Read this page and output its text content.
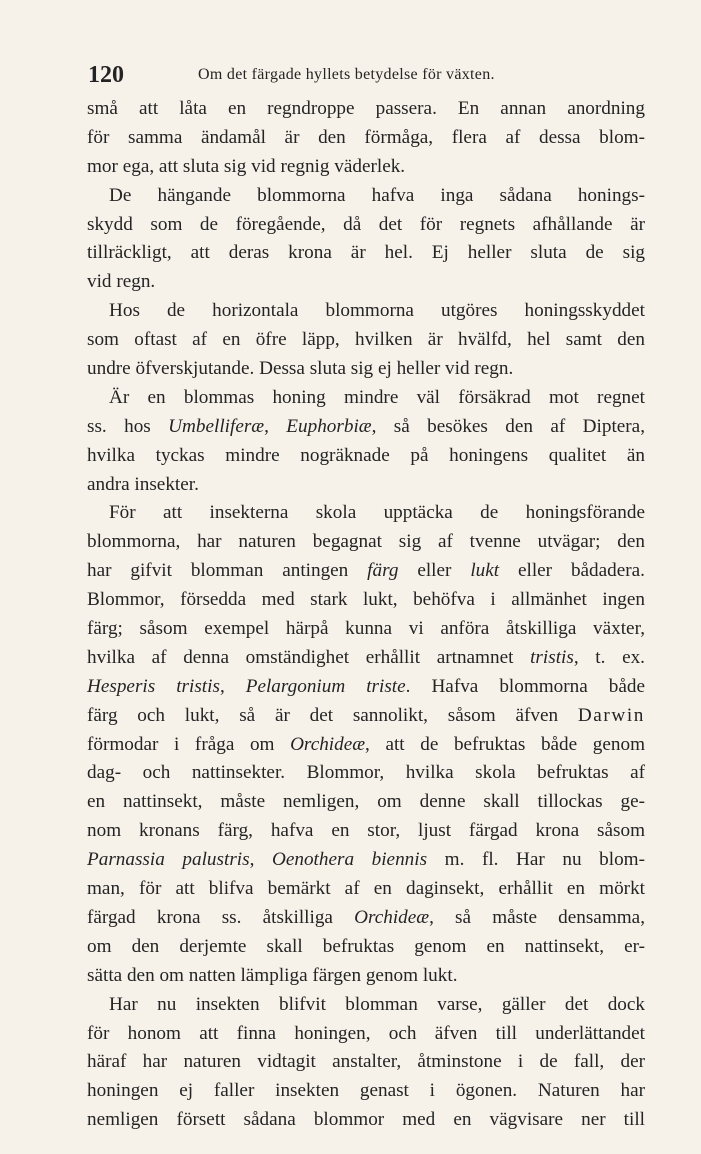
120	Om det färgade hyllets betydelse för växten.
små att låta en regndroppe passera. En annan anordning
för samma ändamål är den förmåga, flera af dessa blom-
mor ega, att sluta sig vid regnig väderlek.
De hängande blommorna hafva inga sådana honings-
skydd som de föregående, då det för regnets afhållande är
tillräckligt, att deras krona är hel. Ej heller sluta de sig
vid regn.
Hos de horizontala blommorna utgöres honingsskyddet
som oftast af en öfre läpp, hvilken är hvälfd, hel samt den
undre öfverskjutande. Dessa sluta sig ej heller vid regn.
Är en blommas honing mindre väl försäkrad mot regnet
ss. hos Umbelliferæ, Euphorbiæ, så besökes den af Diptera,
hvilka tyckas mindre nogräknade på honingens qualitet än
andra insekter.
För att insekterna skola upptäcka de honingsförande
blommorna, har naturen begagnat sig af tvenne utvägar; den
har gifvit blomman antingen färg eller lukt eller bådadera.
Blommor, försedda med stark lukt, behöfva i allmänhet ingen
färg; såsom exempel härpå kunna vi anföra åtskilliga växter,
hvilka af denna omständighet erhållit artnamnet tristis, t. ex.
Hesperis tristis, Pelargonium triste. Hafva blommorna både
färg och lukt, så är det sannolikt, såsom äfven Darwin
förmodar i fråga om Orchideæ, att de befruktas både genom
dag- och nattinsekter. Blommor, hvilka skola befruktas af
en nattinsekt, måste nemligen, om denne skall tillockas ge-
nom kronans färg, hafva en stor, ljust färgad krona såsom
Parnassia palustris, Oenothera biennis m. fl. Har nu blom-
man, för att blifva bemärkt af en daginsekt, erhållit en mörkt
färgad krona ss. åtskilliga Orchideæ, så måste densamma,
om den derjemte skall befruktas genom en nattinsekt, er-
sätta den om natten lämpliga färgen genom lukt.
Har nu insekten blifvit blomman varse, gäller det dock
för honom att finna honingen, och äfven till underlättandet
häraf har naturen vidtagit anstalter, åtminstone i de fall, der
honingen ej faller insekten genast i ögonen. Naturen har
nemligen försett sådana blommor med en vägvisare ner till
